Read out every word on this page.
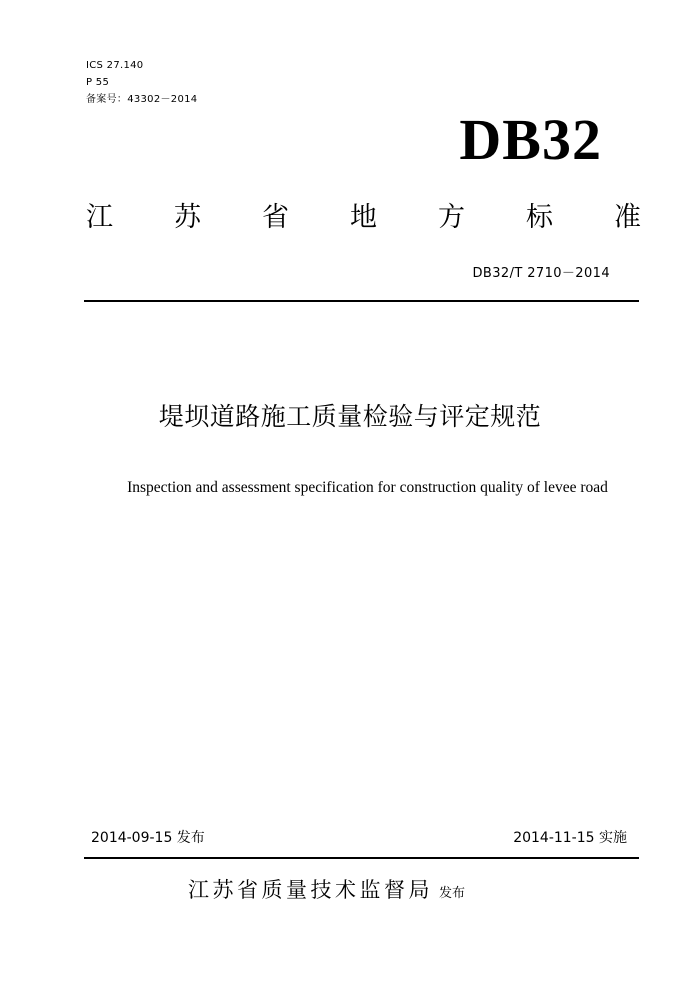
ICS 27.140
P 55
备案号：43302－2014
DB32
江 苏 省 地 方 标 准
DB32/T 2710－2014
堤坝道路施工质量检验与评定规范
Inspection and assessment specification for construction quality of levee road
2014-09-15 发布	2014-11-15 实施
江苏省质量技术监督局 发布
